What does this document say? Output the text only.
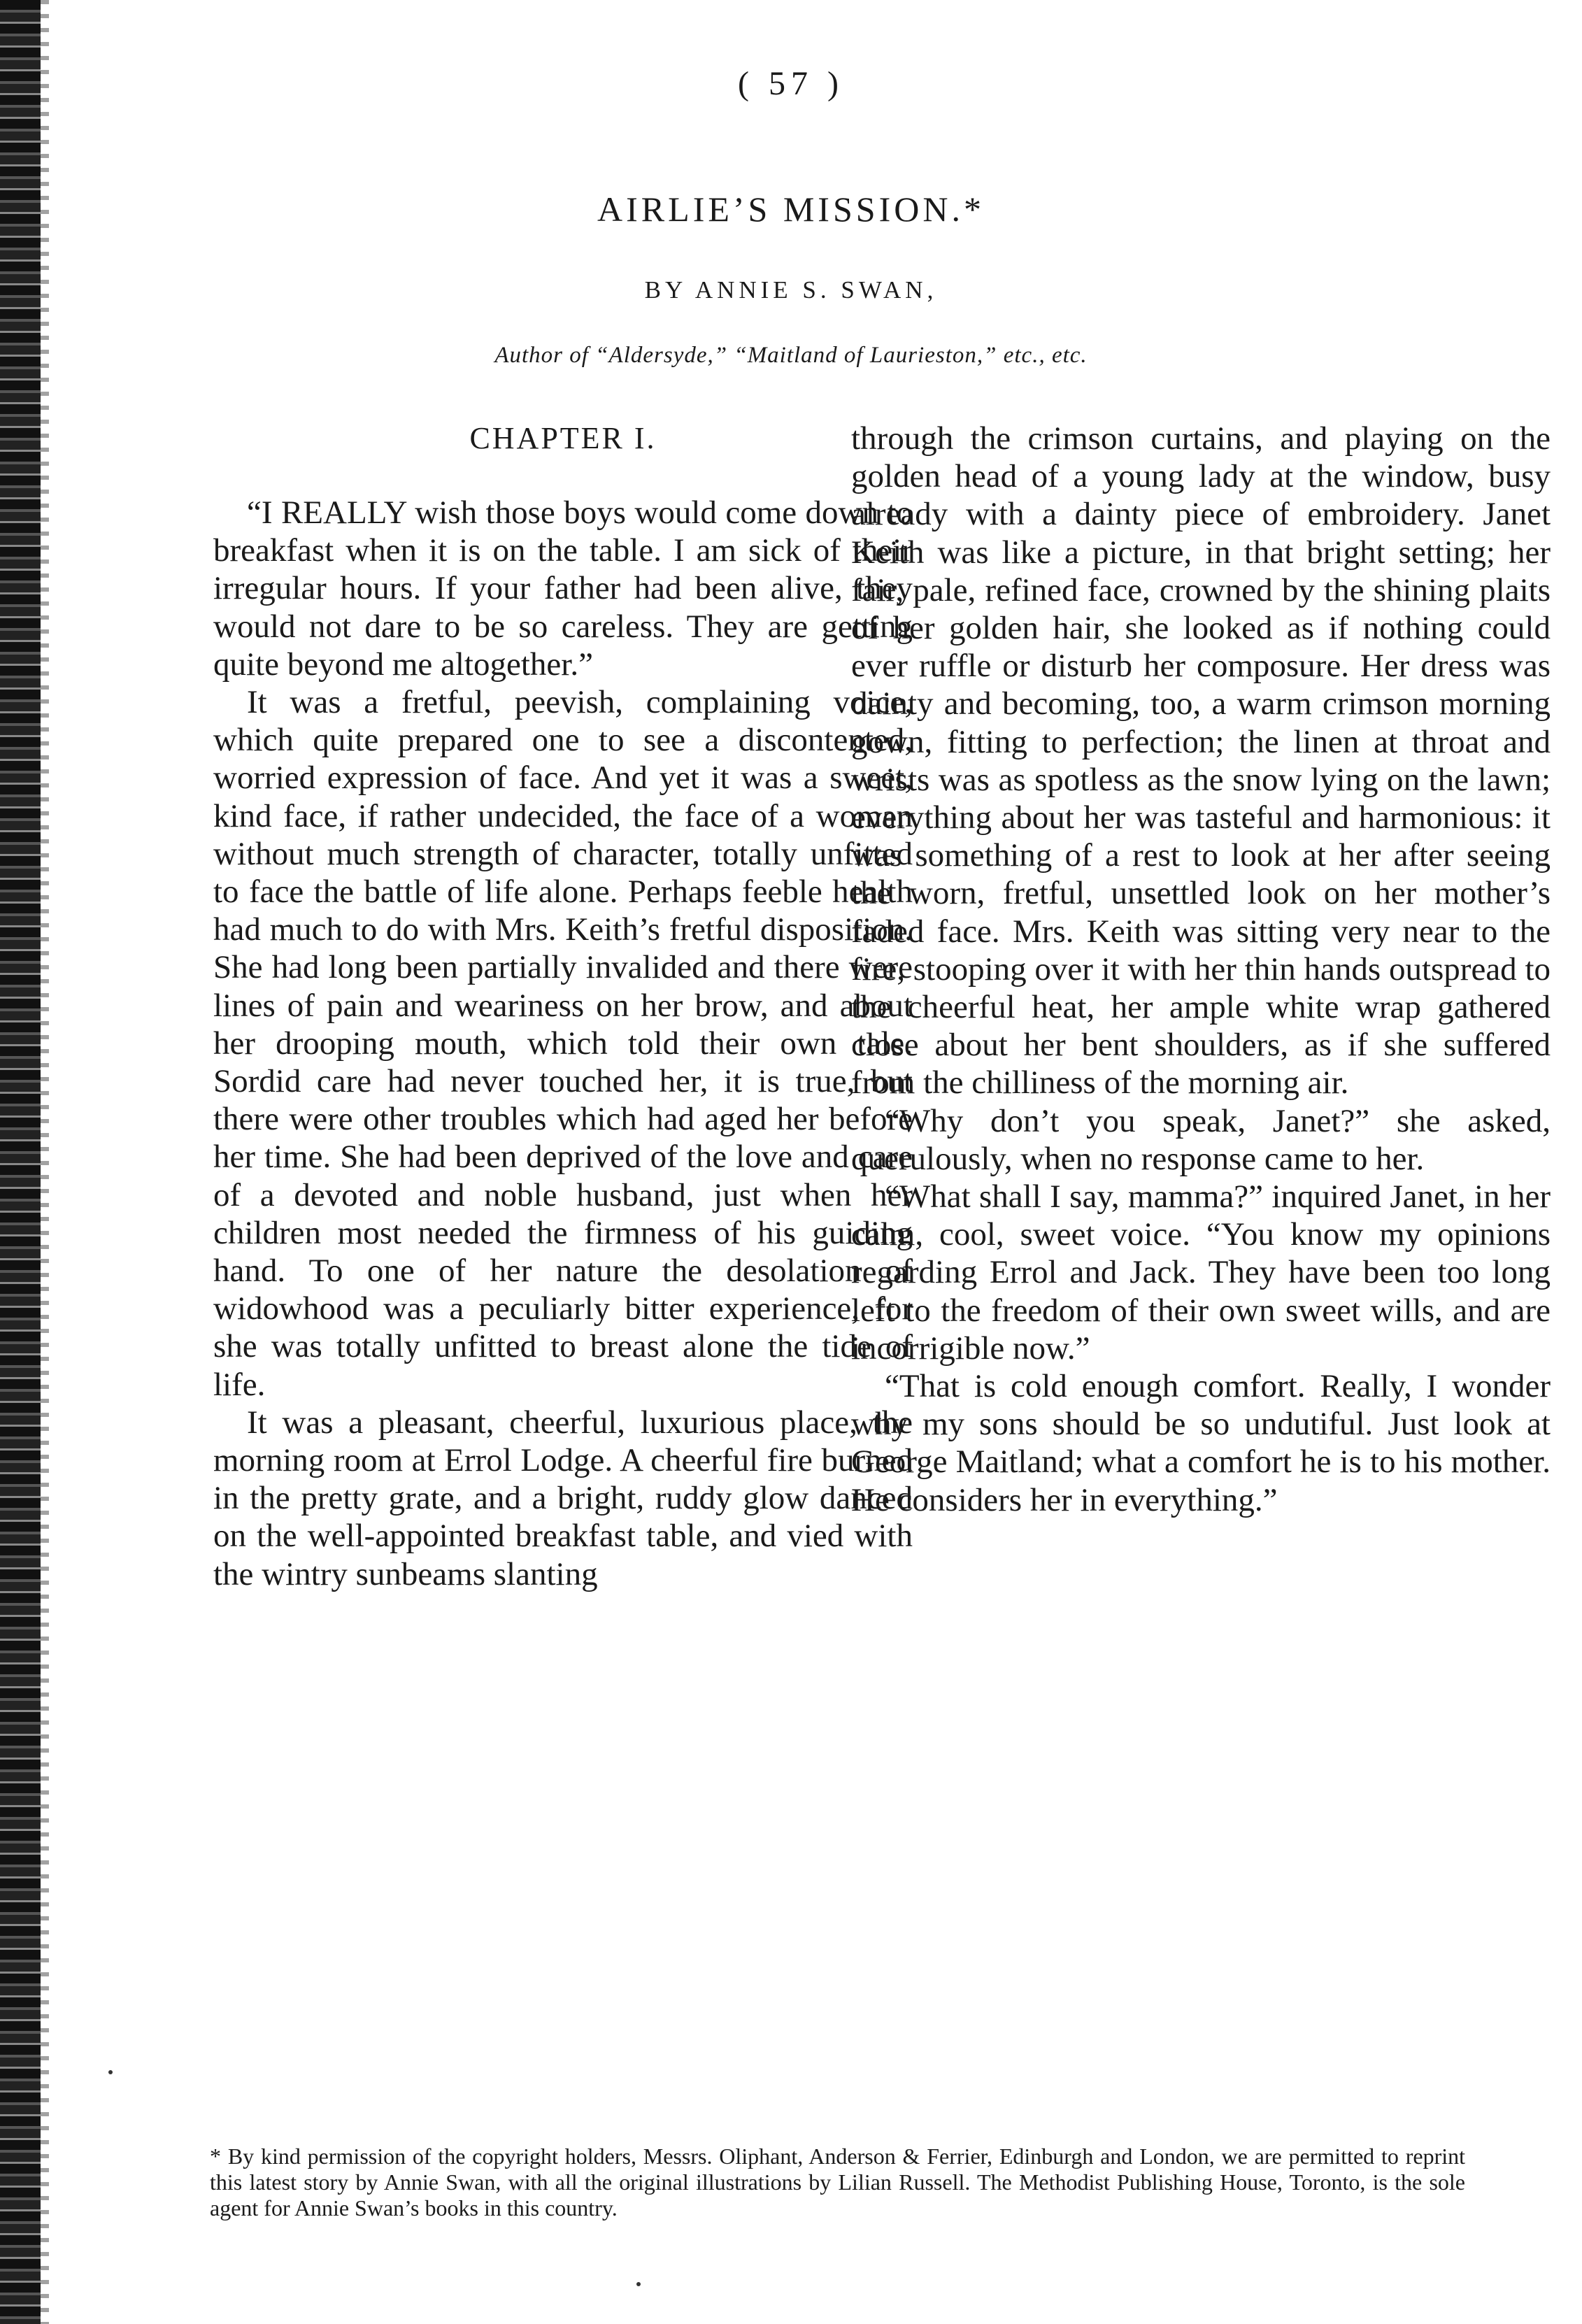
( 57 )
AIRLIE’S MISSION.*
BY ANNIE S. SWAN,
Author of “Aldersyde,” “Maitland of Laurieston,” etc., etc.
CHAPTER I.

“I REALLY wish those boys would come down to breakfast when it is on the table. I am sick of their irregular hours. If your father had been alive, they would not dare to be so careless. They are getting quite beyond me altogether.”

It was a fretful, peevish, complaining voice, which quite prepared one to see a discontented, worried expression of face. And yet it was a sweet, kind face, if rather undecided, the face of a woman without much strength of character, totally unfitted to face the battle of life alone. Perhaps feeble health had much to do with Mrs. Keith’s fretful disposition. She had long been partially invalided and there were lines of pain and weariness on her brow, and about her drooping mouth, which told their own tale. Sordid care had never touched her, it is true, but there were other troubles which had aged her before her time. She had been deprived of the love and care of a devoted and noble husband, just when her children most needed the firmness of his guiding hand. To one of her nature the desolation of widowhood was a peculiarly bitter experience, for she was totally unfitted to breast alone the tide of life.

It was a pleasant, cheerful, luxurious place, the morning room at Errol Lodge. A cheerful fire burned in the pretty grate, and a bright, ruddy glow danced on the well-appointed breakfast table, and vied with the wintry sunbeams slanting

through the crimson curtains, and playing on the golden head of a young lady at the window, busy already with a dainty piece of embroidery. Janet Keith was like a picture, in that bright setting; her fair, pale, refined face, crowned by the shining plaits of her golden hair, she looked as if nothing could ever ruffle or disturb her composure. Her dress was dainty and becoming, too, a warm crimson morning gown, fitting to perfection; the linen at throat and wrists was as spotless as the snow lying on the lawn; everything about her was tasteful and harmonious: it was something of a rest to look at her after seeing the worn, fretful, unsettled look on her mother’s faded face. Mrs. Keith was sitting very near to the fire, stooping over it with her thin hands outspread to the cheerful heat, her ample white wrap gathered close about her bent shoulders, as if she suffered from the chilliness of the morning air.

“Why don’t you speak, Janet?” she asked, querulously, when no response came to her.

“What shall I say, mamma?” inquired Janet, in her calm, cool, sweet voice. “You know my opinions regarding Errol and Jack. They have been too long left to the freedom of their own sweet wills, and are incorrigible now.”

“That is cold enough comfort. Really, I wonder why my sons should be so undutiful. Just look at George Maitland; what a comfort he is to his mother. He considers her in everything.”

* By kind permission of the copyright holders, Messrs. Oliphant, Anderson & Ferrier, Edinburgh and London, we are permitted to reprint this latest story by Annie Swan, with all the original illustrations by Lilian Russell. The Methodist Publishing House, Toronto, is the sole agent for Annie Swan’s books in this country.
